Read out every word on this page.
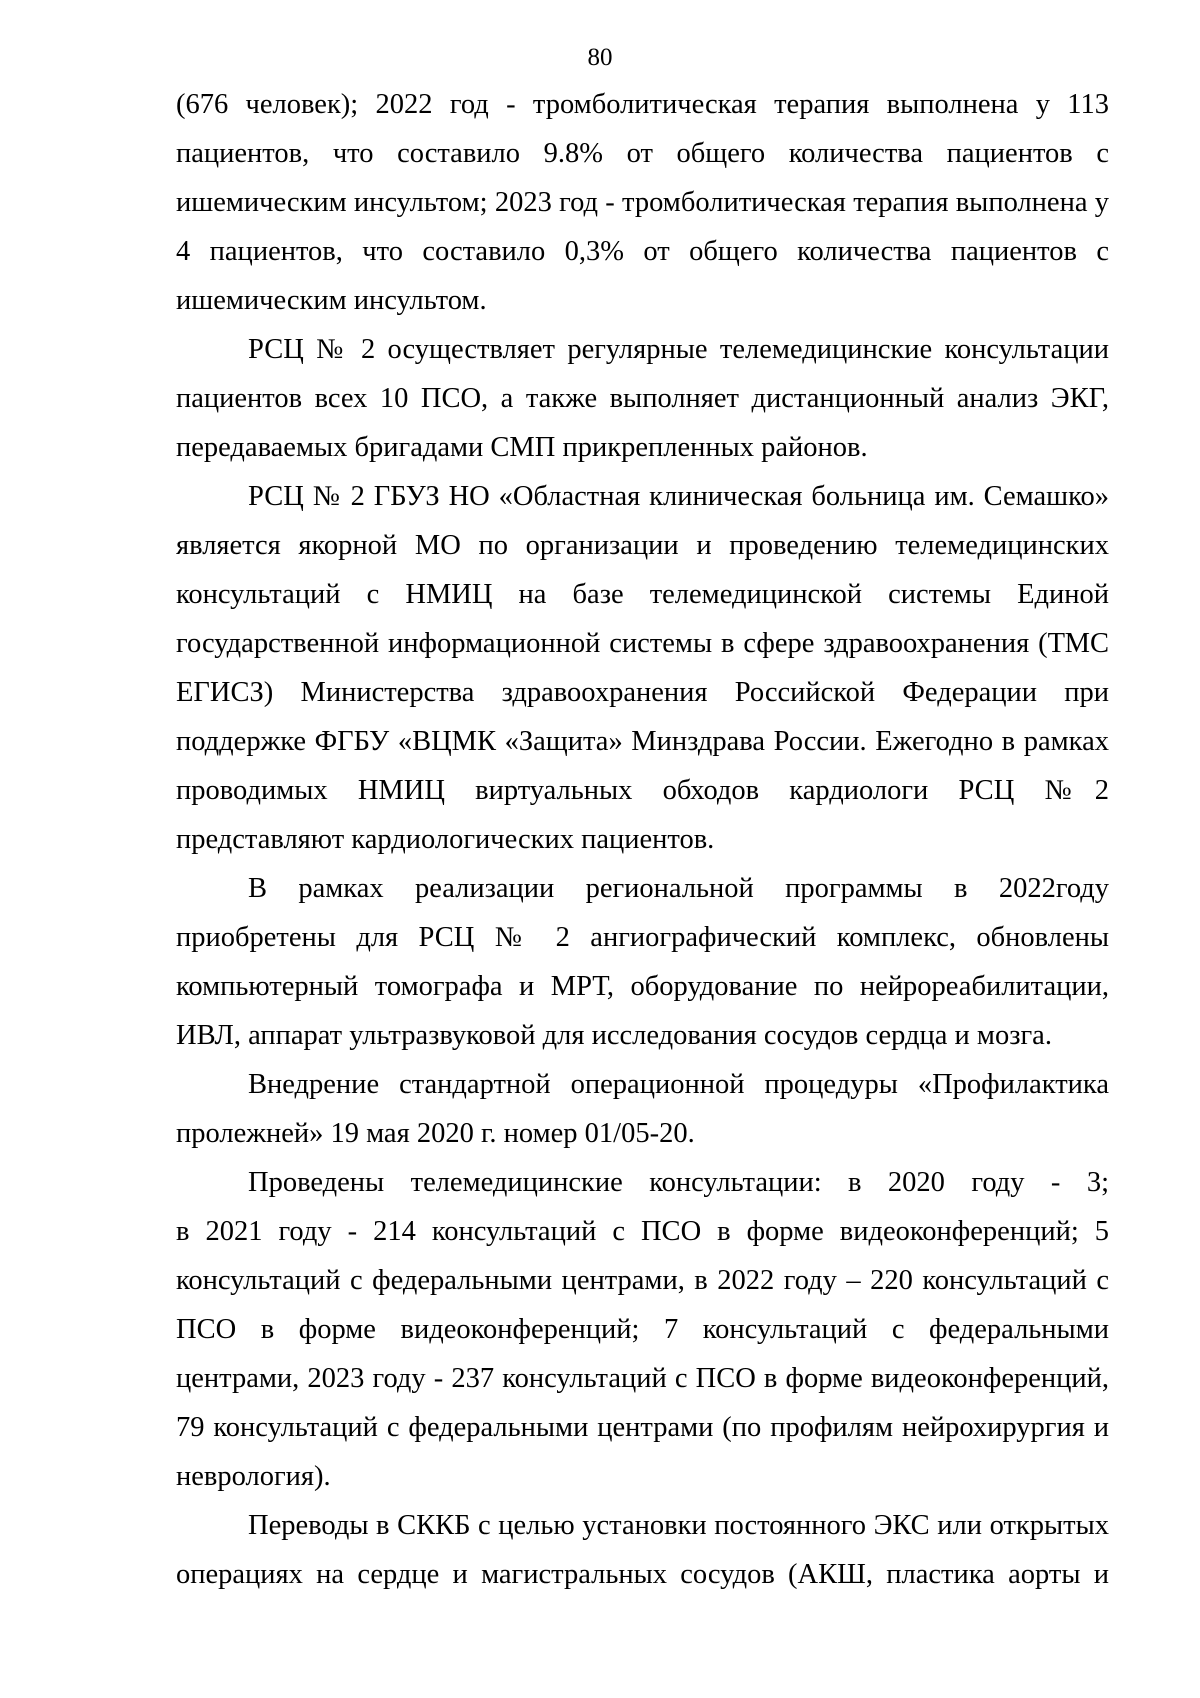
80

(676 человек); 2022 год - тромболитическая терапия выполнена у 113
пациентов, что составило 9.8% от общего количества пациентов с
ишемическим инсультом; 2023 год - тромболитическая терапия выполнена у
4 пациентов, что составило 0,3% от общего количества пациентов с
ишемическим инсультом.

РСЦ № 2 осуществляет регулярные телемедицинские консультации
пациентов всех 10 ПСО, а также выполняет дистанционный анализ ЭКГ,
передаваемых бригадами СМП прикрепленных районов.

РСЦ № 2 ГБУЗ НО «Областная клиническая больница им. Семашко»
является якорной МО по организации и проведению телемедицинских
консультаций с НМИЦ на базе телемедицинской системы Единой
государственной информационной системы в сфере здравоохранения (ТМС
ЕГИСЗ) Министерства здравоохранения Российской Федерации при
поддержке ФГБУ «ВЦМК «Защита» Минздрава России. Ежегодно в рамках
проводимых НМИЦ виртуальных обходов кардиологи РСЦ №2
представляют кардиологических пациентов.

В рамках реализации региональной программы в 2022году
приобретены для РСЦ № 2 ангиографический комплекс, обновлены
компьютерный томографа и МРТ, оборудование по нейрореабилитации,
ИВЛ, аппарат ультразвуковой для исследования сосудов сердца и мозга.

Внедрение стандартной операционной процедуры «Профилактика
пролежней» 19 мая 2020 г. номер 01/05-20.

Проведены телемедицинские консультации: в 2020 году - 3;
в 2021 году - 214 консультаций с ПСО в форме видеоконференций; 5
консультаций с федеральными центрами, в 2022 году – 220 консультаций с
ПСО в форме видеоконференций; 7 консультаций с федеральными
центрами, 2023 году - 237 консультаций с ПСО в форме видеоконференций,
79 консультаций с федеральными центрами (по профилям нейрохирургия и
неврология).

Переводы в СККБ с целью установки постоянного ЭКС или открытых
операциях на сердце и магистральных сосудов (АКШ, пластика аорты и
